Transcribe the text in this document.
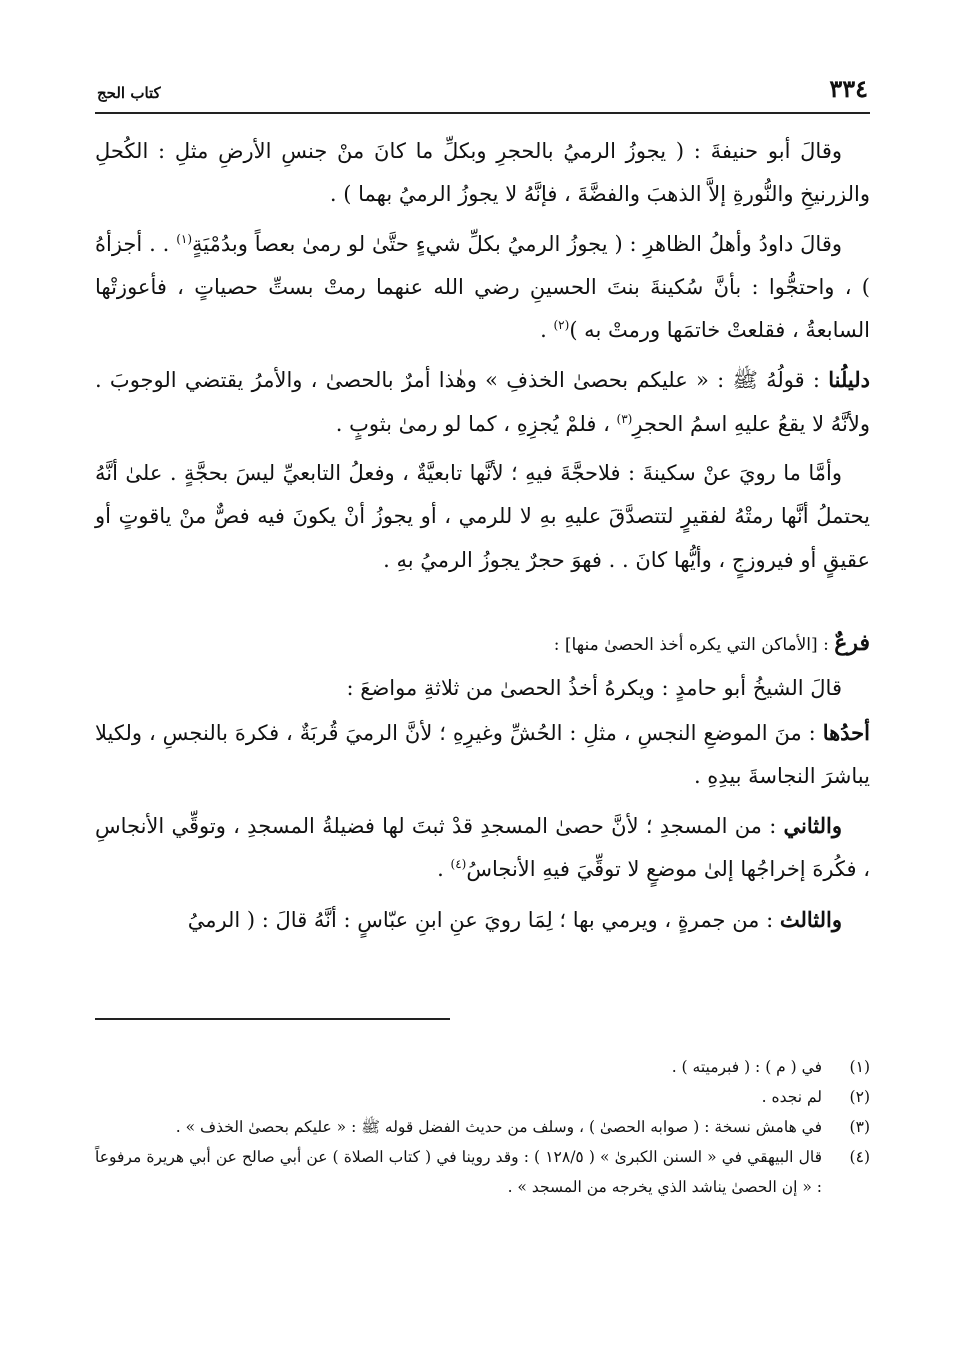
٣٣٤
كتاب الحج

وقالَ أبو حنيفةَ : ( يجوزُ الرميُ بالحجرِ وبكلِّ ما كانَ منْ جنسِ الأرضِ مثلِ : الكُحلِ والزرنيخِ والنُّورةِ إلاَّ الذهبَ والفضَّةَ ، فإنَّهُ لا يجوزُ الرميُ بهما ) .

وقالَ داودُ وأهلُ الظاهرِ : ( يجوزُ الرميُ بكلِّ شيءٍ حتَّىٰ لو رمىٰ بعصاً وبدُمْيَةٍ$^{(١)}$ . . أجزأهُ ) ، واحتجُّوا : بأنَّ سُكينةَ بنتَ الحسينِ رضي الله عنهما رمتْ بستِّ حصياتٍ ، فأعوزتْها السابعةُ ، فقلعتْ خاتمَها ورمتْ به )$^{(٢)}$ .

دليلُنا : قولُهُ ﷺ : « عليكم بحصىٰ الخذفِ » وهٰذا أمرٌ بالحصىٰ ، والأمرُ يقتضي الوجوبَ . ولأنَّهُ لا يقعُ عليهِ اسمُ الحجرِ$^{(٣)}$ ، فلمْ يُجزِهِ ، كما لو رمىٰ بثوبٍ .

وأمَّا ما رويَ عنْ سكينةَ : فلاحجَّةَ فيهِ ؛ لأنَّها تابعيَّةٌ ، وفعلُ التابعيِّ ليسَ بحجَّةٍ . علىٰ أنَّهُ يحتملُ أنَّها رمتْهُ لفقيرٍ لتتصدَّقَ عليهِ بهِ لا للرمي ، أو يجوزُ أنْ يكونَ فيه فصٌّ منْ ياقوتٍ أو عقيقٍ أو فيروزجٍ ، وأيُّها كانَ . . فهوَ حجرٌ يجوزُ الرميُ بهِ .

فرعٌ : [الأماكن التي يكره أخذ الحصىٰ منها] :

قالَ الشيخُ أبو حامدٍ : ويكرهُ أخذُ الحصىٰ من ثلاثةِ مواضعَ :

أحدُها : منَ الموضعِ النجسِ ، مثلِ : الحُشِّ وغيرِهِ ؛ لأنَّ الرميَ قُربَةٌ ، فكرهَ بالنجسِ ، ولكيلا يباشرَ النجاسةَ بيدِهِ .

والثاني : من المسجدِ ؛ لأنَّ حصىٰ المسجدِ قدْ ثبتَ لها فضيلةُ المسجدِ ، وتوقِّي الأنجاسِ ، فكُرهَ إخراجُها إلىٰ موضعٍ لا توقِّيَ فيهِ الأنجاسُ$^{(٤)}$ .

والثالث : من جمرةٍ ، ويرمي بها ؛ لِمَا رويَ عنِ ابنِ عبّاسٍ : أنَّهُ قالَ : ( الرميُ

(١)
في ( م ) : ( فبرميته ) .
(٢)
لم نجده .
(٣)
في هامش نسخة : ( صوابه الحصىٰ ) ، وسلف من حديث الفضل قوله ﷺ : « عليكم بحصىٰ الخذف » .
(٤)
قال البيهقي في « السنن الكبرىٰ » ( ١٢٨/٥ ) : وقد روينا في ( كتاب الصلاة ) عن أبي صالح عن أبي هريرة مرفوعاً : « إن الحصىٰ يناشد الذي يخرجه من المسجد » .
